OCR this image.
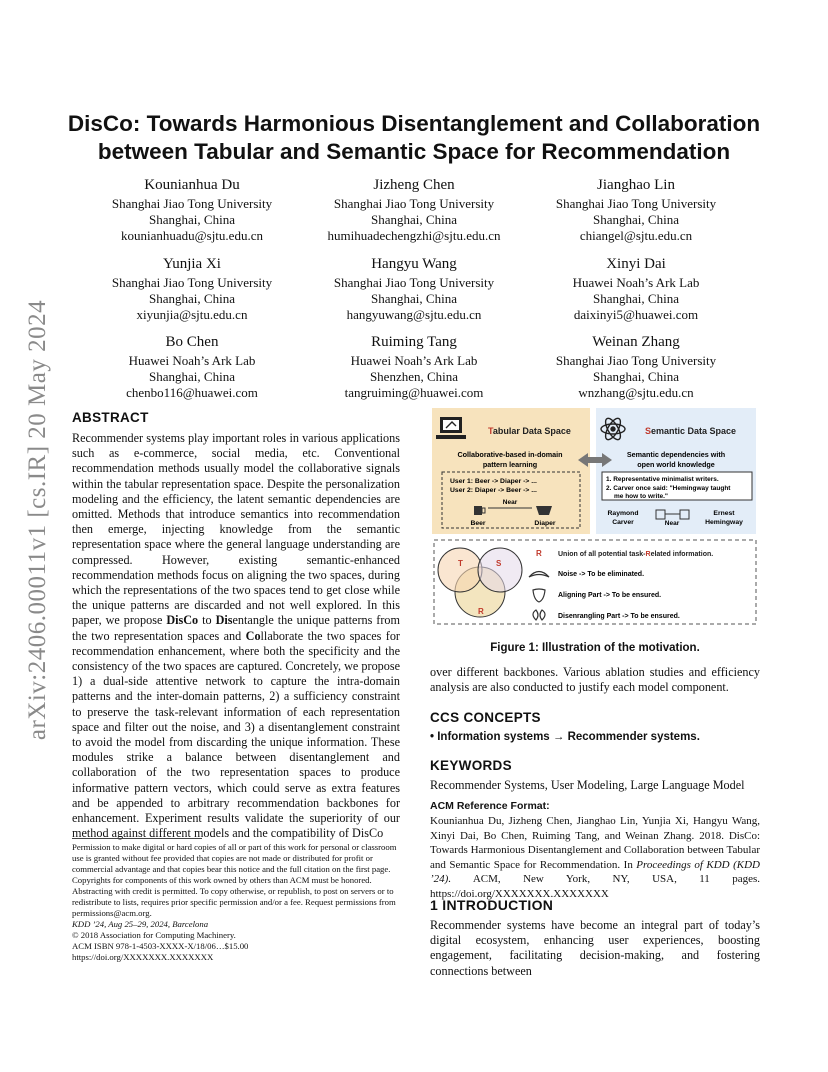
arXiv:2406.00011v1 [cs.IR] 20 May 2024
DisCo: Towards Harmonious Disentanglement and Collaboration
between Tabular and Semantic Space for Recommendation
Kounianhua Du
Shanghai Jiao Tong University
Shanghai, China
kounianhuadu@sjtu.edu.cn
Jizheng Chen
Shanghai Jiao Tong University
Shanghai, China
humihuadechengzhi@sjtu.edu.cn
Jianghao Lin
Shanghai Jiao Tong University
Shanghai, China
chiangel@sjtu.edu.cn
Yunjia Xi
Shanghai Jiao Tong University
Shanghai, China
xiyunjia@sjtu.edu.cn
Hangyu Wang
Shanghai Jiao Tong University
Shanghai, China
hangyuwang@sjtu.edu.cn
Xinyi Dai
Huawei Noah’s Ark Lab
Shanghai, China
daixinyi5@huawei.com
Bo Chen
Huawei Noah’s Ark Lab
Shanghai, China
chenbo116@huawei.com
Ruiming Tang
Huawei Noah’s Ark Lab
Shenzhen, China
tangruiming@huawei.com
Weinan Zhang
Shanghai Jiao Tong University
Shanghai, China
wnzhang@sjtu.edu.cn
ABSTRACT
Recommender systems play important roles in various applications such as e-commerce, social media, etc. Conventional recommendation methods usually model the collaborative signals within the tabular representation space. Despite the personalization modeling and the efficiency, the latent semantic dependencies are omitted. Methods that introduce semantics into recommendation then emerge, injecting knowledge from the semantic representation space where the general language understanding are compressed. However, existing semantic-enhanced recommendation methods focus on aligning the two spaces, during which the representations of the two spaces tend to get close while the unique patterns are discarded and not well explored. In this paper, we propose DisCo to Disentangle the unique patterns from the two representation spaces and Collaborate the two spaces for recommendation enhancement, where both the specificity and the consistency of the two spaces are captured. Concretely, we propose 1) a dual-side attentive network to capture the intra-domain patterns and the inter-domain patterns, 2) a sufficiency constraint to preserve the task-relevant information of each representation space and filter out the noise, and 3) a disentanglement constraint to avoid the model from discarding the unique information. These modules strike a balance between disentanglement and collaboration of the two representation spaces to produce informative pattern vectors, which could serve as extra features and be appended to arbitrary recommendation backbones for enhancement. Experiment results validate the superiority of our method against different models and the compatibility of DisCo
Permission to make digital or hard copies of all or part of this work for personal or classroom use is granted without fee provided that copies are not made or distributed for profit or commercial advantage and that copies bear this notice and the full citation on the first page. Copyrights for components of this work owned by others than ACM must be honored. Abstracting with credit is permitted. To copy otherwise, or republish, to post on servers or to redistribute to lists, requires prior specific permission and/or a fee. Request permissions from permissions@acm.org.
KDD ’24, Aug 25–29, 2024, Barcelona
© 2018 Association for Computing Machinery.
ACM ISBN 978-1-4503-XXXX-X/18/06…$15.00
https://doi.org/XXXXXXX.XXXXXXX
Tabular Data Space	Semantic Data Space
Collaborative-based in-domain
pattern learning
Semantic dependencies with
open world knowledge
User 1: Beer -> Diaper -> ...
User 2: Diaper -> Beer -> ...
Near
Beer	Diaper
1. Representative minimalist writers.
2. Carver once said: "Hemingway taught
me how to write."
Near
Raymond
Carver
Ernest
Hemingway
T	S
R
R Union of all potential task-Related information.
Noise -> To be eliminated.
Aligning Part -> To be ensured.
Disenrangling Part -> To be ensured.
Figure 1: Illustration of the motivation.
over different backbones. Various ablation studies and efficiency analysis are also conducted to justify each model component.
CCS CONCEPTS
• Information systems → Recommender systems.
KEYWORDS
Recommender Systems, User Modeling, Large Language Model
ACM Reference Format:
Kounianhua Du, Jizheng Chen, Jianghao Lin, Yunjia Xi, Hangyu Wang, Xinyi Dai, Bo Chen, Ruiming Tang, and Weinan Zhang. 2018. DisCo: Towards Harmonious Disentanglement and Collaboration between Tabular and Semantic Space for Recommendation. In Proceedings of KDD (KDD ’24). ACM, New York, NY, USA, 11 pages. https://doi.org/XXXXXXX.XXXXXXX
1 INTRODUCTION
Recommender systems have become an integral part of today’s digital ecosystem, enhancing user experiences, boosting engagement, facilitating decision-making, and fostering connections between
